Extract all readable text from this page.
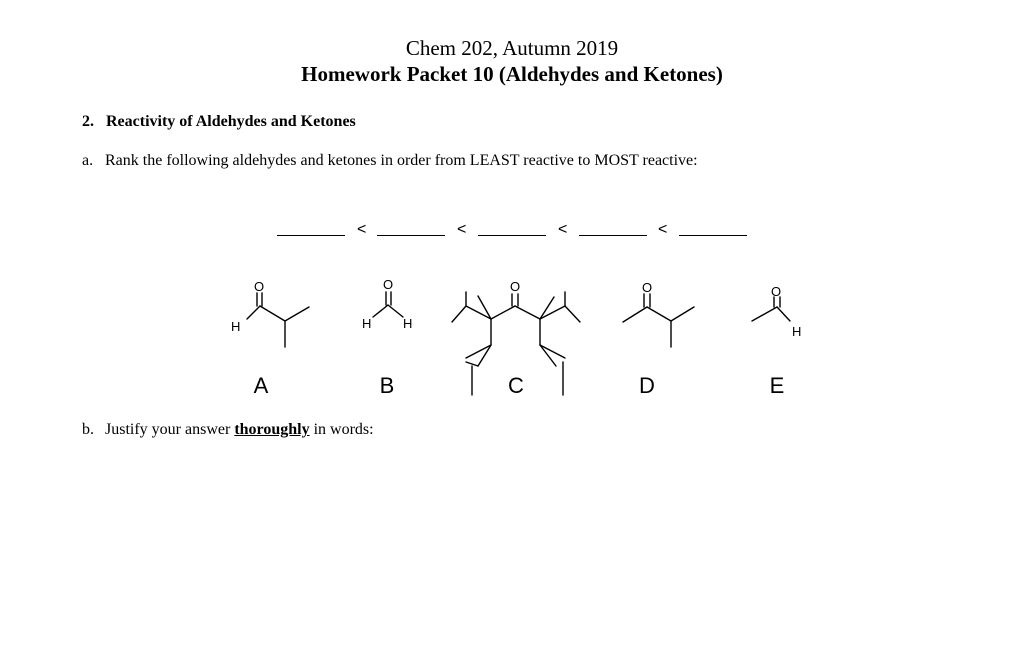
Chem 202, Autumn 2019
Homework Packet 10 (Aldehydes and Ketones)
2.   Reactivity of Aldehydes and Ketones
a. Rank the following aldehydes and ketones in order from LEAST reactive to MOST reactive:
<	<	<	<
O
H
O
H H
O	O	O
H
A	B	C	D	E
b. Justify your answer thoroughly in words:
